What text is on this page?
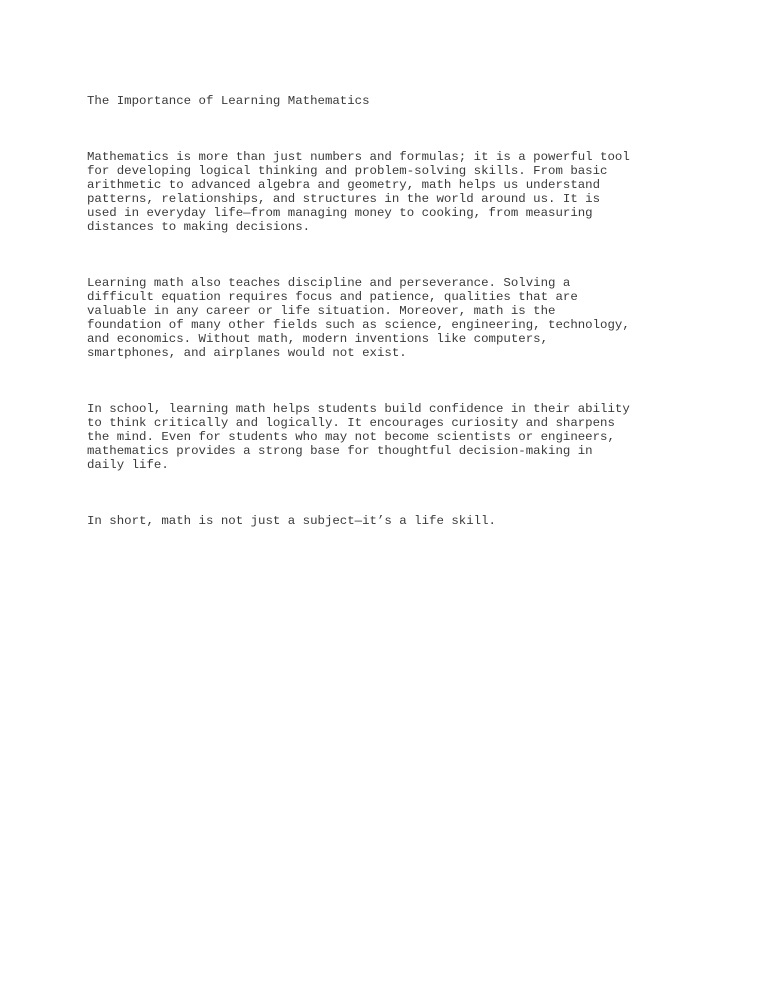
The Importance of Learning Mathematics

Mathematics is more than just numbers and formulas; it is a powerful tool
for developing logical thinking and problem-solving skills. From basic
arithmetic to advanced algebra and geometry, math helps us understand
patterns, relationships, and structures in the world around us. It is
used in everyday life—from managing money to cooking, from measuring
distances to making decisions.

Learning math also teaches discipline and perseverance. Solving a
difficult equation requires focus and patience, qualities that are
valuable in any career or life situation. Moreover, math is the
foundation of many other fields such as science, engineering, technology,
and economics. Without math, modern inventions like computers,
smartphones, and airplanes would not exist.

In school, learning math helps students build confidence in their ability
to think critically and logically. It encourages curiosity and sharpens
the mind. Even for students who may not become scientists or engineers,
mathematics provides a strong base for thoughtful decision-making in
daily life.

In short, math is not just a subject—it’s a life skill.
